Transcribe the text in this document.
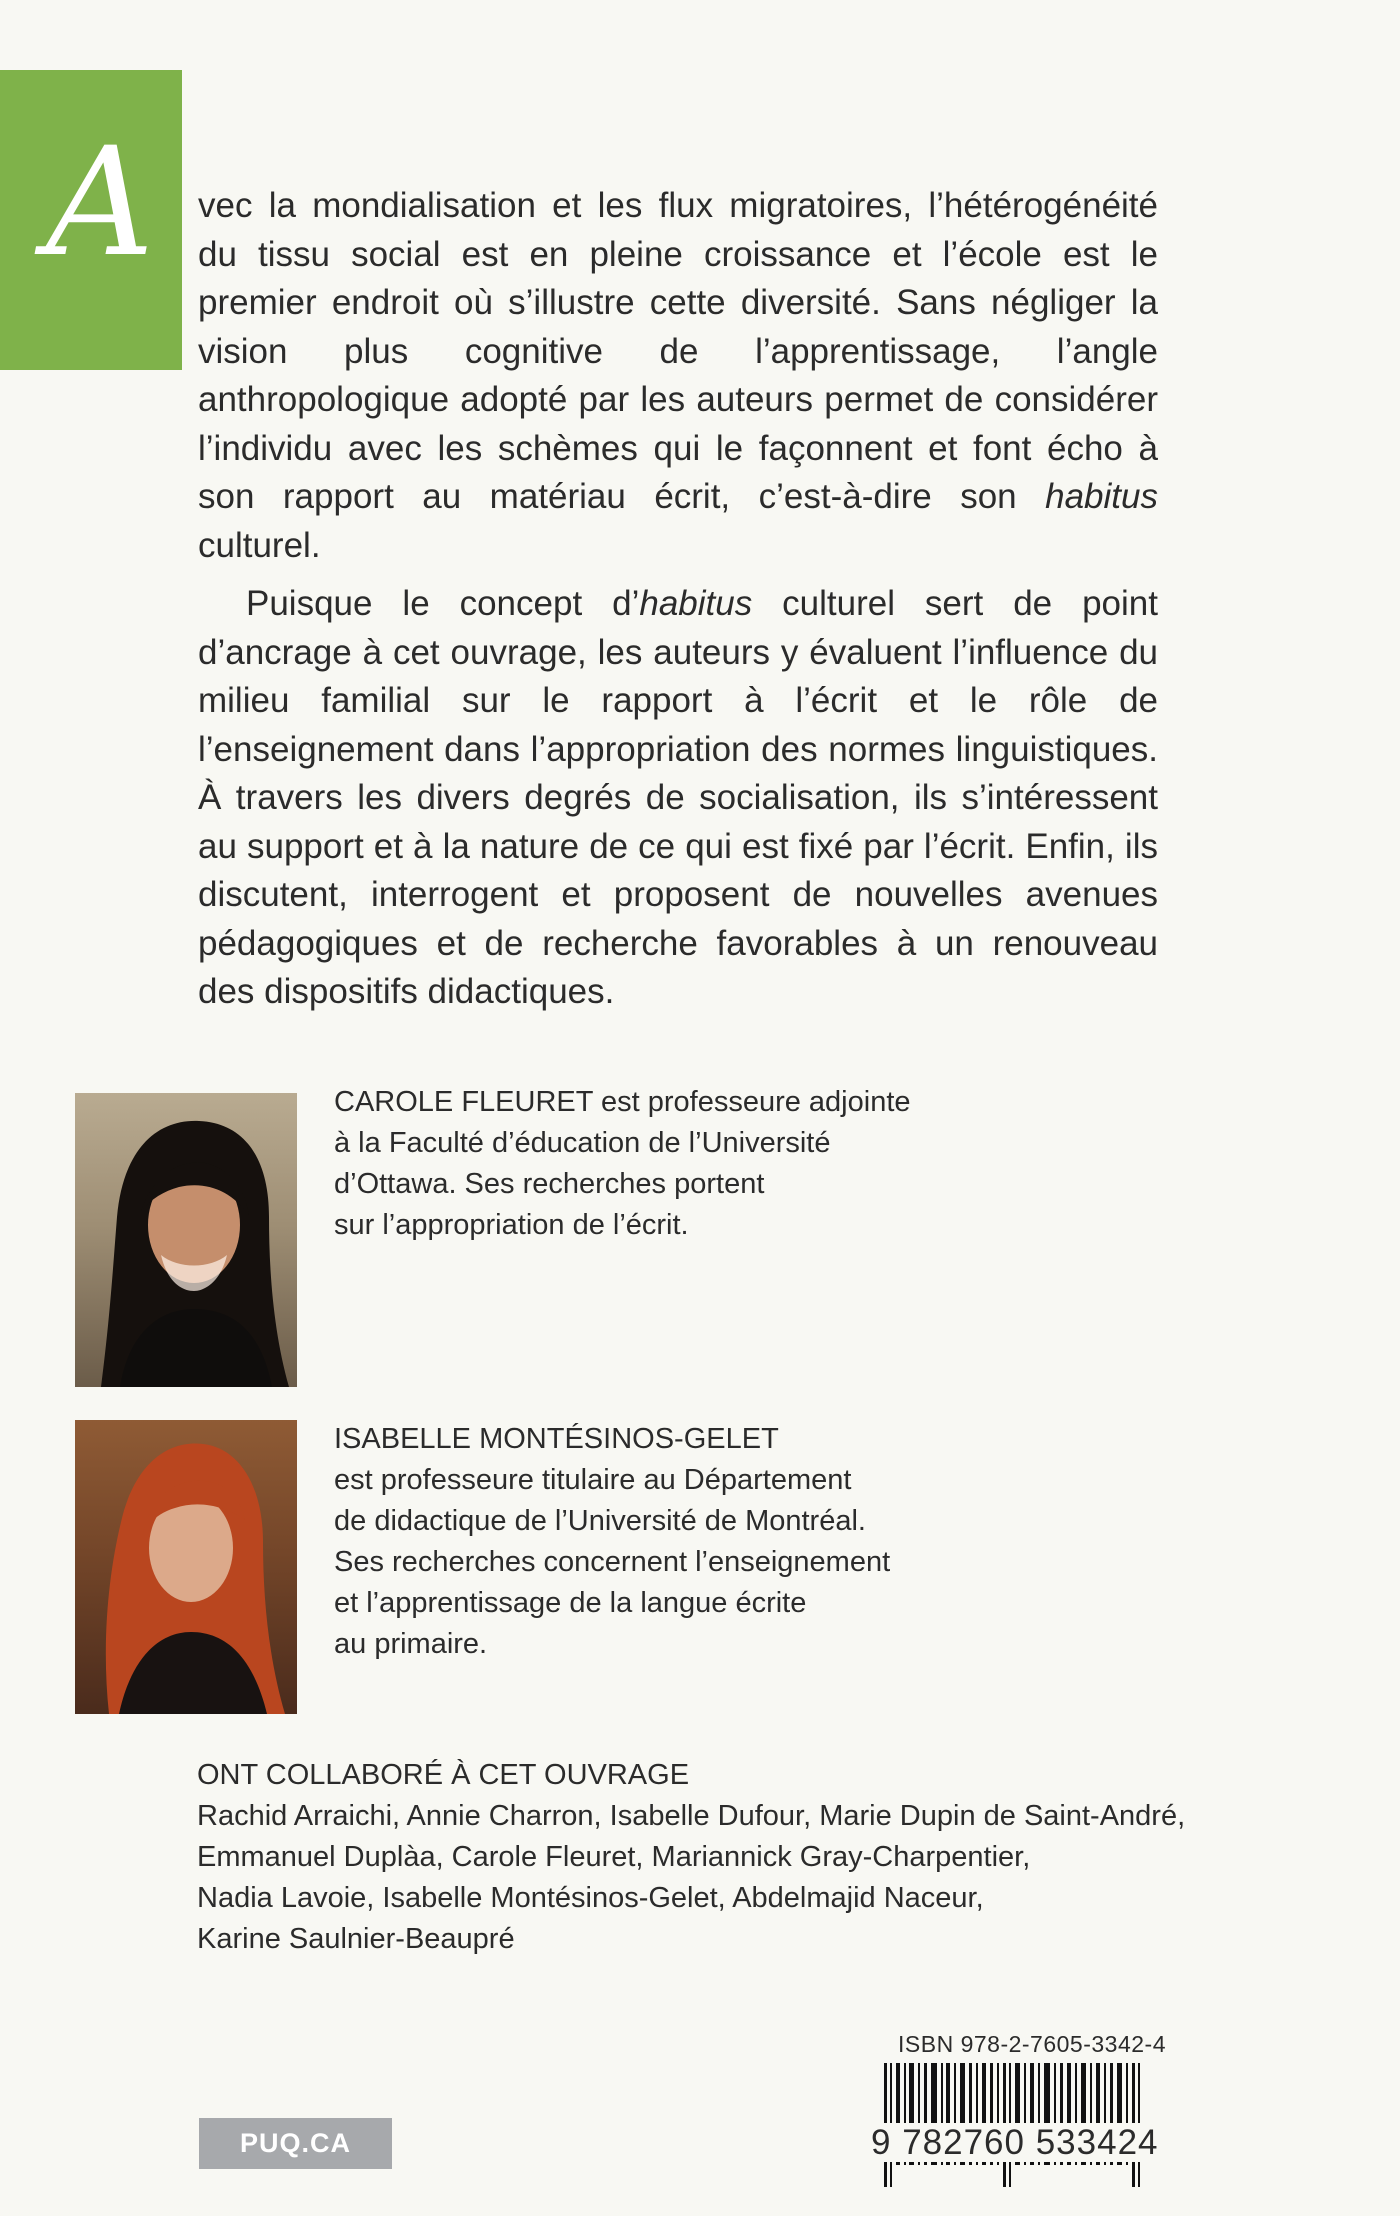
A	vec la mondialisation et les flux migratoires, l’hétérogénéité du tissu social est en pleine croissance et l’école est le premier endroit où s’illustre cette diversité. Sans négliger la vision plus cognitive de l’apprentissage, l’angle anthropologique adopté par les auteurs permet de considérer l’individu avec les schèmes qui le façonnent et font écho à son rapport au matériau écrit, c’est-à-dire son habitus culturel.

Puisque le concept d’habitus culturel sert de point d’ancrage à cet ouvrage, les auteurs y évaluent l’influence du milieu familial sur le rapport à l’écrit et le rôle de l’enseignement dans l’appropriation des normes linguistiques. À travers les divers degrés de socialisation, ils s’intéressent au support et à la nature de ce qui est fixé par l’écrit. Enfin, ils discutent, interrogent et proposent de nouvelles avenues pédagogiques et de recherche favorables à un renouveau des dispositifs didactiques.

CAROLE FLEURET est professeure adjointe
à la Faculté d’éducation de l’Université
d’Ottawa. Ses recherches portent
sur l’appropriation de l’écrit.
ISABELLE MONTÉSINOS-GELET
est professeure titulaire au Département
de didactique de l’Université de Montréal.
Ses recherches concernent l’enseignement
et l’apprentissage de la langue écrite
au primaire.
ONT COLLABORÉ À CET OUVRAGE
Rachid Arraichi, Annie Charron, Isabelle Dufour, Marie Dupin de Saint-André,
Emmanuel Duplàa, Carole Fleuret, Mariannick Gray-Charpentier,
Nadia Lavoie, Isabelle Montésinos-Gelet, Abdelmajid Naceur,
Karine Saulnier-Beaupré
ISBN 978-2-7605-3342-4
9 782760 533424
PUQ.CA
